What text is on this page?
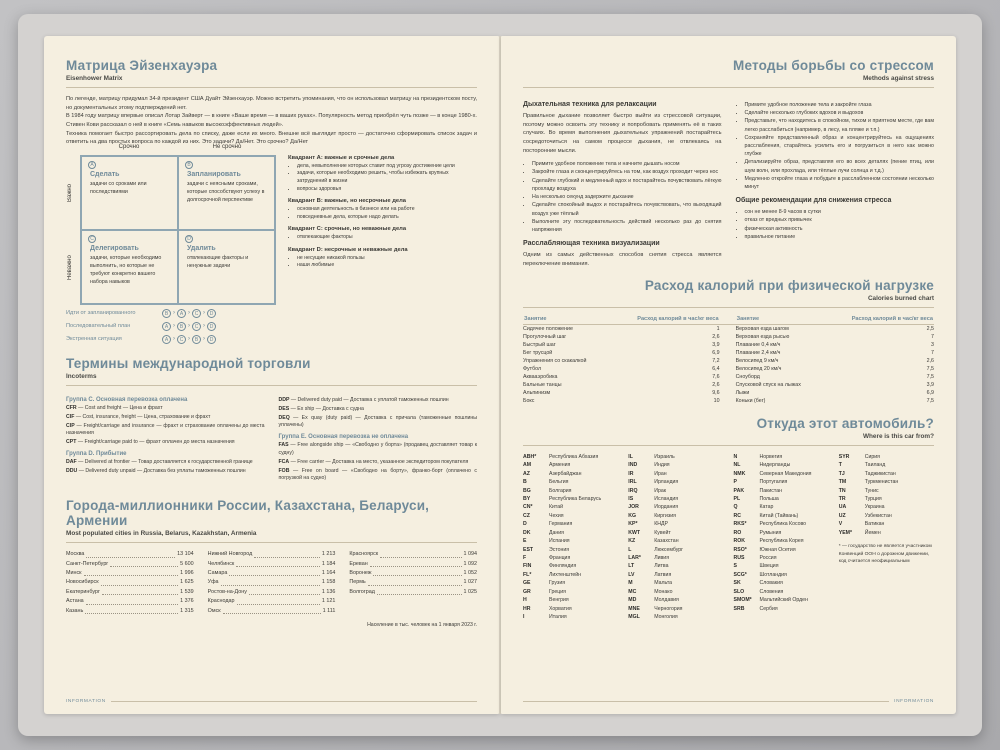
Матрица Эйзенхауэра
Eisenhower Matrix
По легенде, матрицу придумал 34-й президент США Дуайт Эйзенхауэр. Можно встретить упоминания, что он использовал матрицу на президентском посту, но документальных этому подтверждений нет.
В 1984 году матрицу впервые описал Лотар Зайверт — в книге «Ваше время — в ваших руках». Популярность метод приобрёл чуть позже — в конце 1980-х. Стивен Кови рассказал о ней в книге «Семь навыков высокоэффективных людей».
Техника помогает быстро рассортировать дела по списку, даже если их много. Внешне всё выглядит просто — достаточно сформировать список задач и ответить на два простых вопроса по каждой из них. Это задачи? Да/Нет. Это срочно? Да/Нет
Срочно	Не срочно
Важно
Неважно
A
Сделать
задачи со сроками или последствиями
B
Запланировать
задачи с неясными сроками, которые способствуют успеху в долгосрочной перспективе
C
Делегировать
задачи, которые необходимо выполнить, но которые не требуют конкретно вашего набора навыков
D
Удалить
отвлекающие факторы и ненужные задачи
Квадрант A: важные и срочные дела
• дела, невыполнение которых ставит под угрозу достижение цели
• задачи, которые необходимо решить, чтобы избежать крупных затруднений в жизни
• вопросы здоровья
Квадрант B: важные, но несрочные дела
• основная деятельность в бизнесе или на работе
• повседневные дела, которые надо делать
Квадрант C: срочные, но неважные дела
• отвлекающие факторы
Квадрант D: несрочные и неважные дела
• не несущие никакой пользы
• наши любимые
Идти от запланированного	B › A › C › D
Последовательный план	A › B › C › D
Экстренная ситуация	A › C › B › D
Термины международной торговли
Incoterms
Группа C. Основная перевозка оплачена
CFR — Cost and freight — Цена и фрахт
CIF — Cost, insurance, freight — Цена, страхование и фрахт
CIP — Freight/carriage and insurance — фрахт и страхование оплачены до места назначения
CPT — Freight/carriage paid to — фрахт оплачен до места назначения
Группа D. Прибытие
DAF — Delivered at frontier — Товар доставляется к государственной границе
DDU — Delivered duty unpaid — Доставка без уплаты таможенных пошлин
DDP — Delivered duty paid — Доставка с уплатой таможенных пошлин
DES — Ex ship — Доставка с судна
DEQ — Ex quay (duty paid) — Доставка с причала (таможенные пошлины уплачены)
Группа E. Основная перевозка не оплачена
FAS — Free alongside ship — «Свободно у борта» (продавец доставляет товар к судну)
FCA — Free carrier — Доставка на место, указанное экспедитором покупателя
FOB — Free on board — «Свободно на борту», франко-борт (оплачено с погрузкой на судно)
Города-миллионники России, Казахстана, Беларуси, Армении
Most populated cities in Russia, Belarus, Kazakhstan, Armenia
Москва	13 104
Санкт-Петербург	5 600
Минск	1 996
Новосибирск	1 625
Екатеринбург	1 539
Астана	1 376
Казань	1 315
Нижний Новгород	1 213
Челябинск	1 184
Самара	1 164
Уфа	1 158
Ростов-на-Дону	1 136
Краснодар	1 121
Омск	1 111
Красноярск	1 094
Ереван	1 092
Воронеж	1 052
Пермь	1 027
Волгоград	1 025
Население в тыс. человек на 1 января 2023 г.
INFORMATION
Методы борьбы со стрессом
Methods against stress
Дыхательная техника для релаксации
Правильное дыхание позволяет быстро выйти из стрессовой ситуации, поэтому можно освоить эту технику и попробовать применять её в таких случаях. Во время выполнения дыхательных упражнений постарайтесь сосредоточиться на самом процессе дыхания, не отвлекаясь на посторонние мысли.
• Примите удобное положение тела и начните дышать носом
• Закройте глаза и сконцентрируйтесь на том, как воздух проходит через нос
• Сделайте глубокий и медленный вдох и постарайтесь почувствовать лёгкую прохладу воздуха
• На несколько секунд задержите дыхание
• Сделайте спокойный выдох и постарайтесь почувствовать, что выходящий воздух уже тёплый
• Выполните эту последовательность действий несколько раз до снятия напряжения
Расслабляющая техника визуализации
Одним из самых действенных способов снятия стресса является переключение внимания.
• Примите удобное положение тела и закройте глаза
• Сделайте несколько глубоких вдохов и выдохов
• Представьте, что находитесь в спокойном, тихом и приятном месте, где вам легко расслабиться (например, в лесу, на пляже и т.п.)
• Сохраняйте представленный образ и концентрируйтесь на ощущениях расслабления, старайтесь усилить его и погрузиться в него как можно глубже
• Детализируйте образ, представляя его во всех деталях (пение птиц, или шум волн, или прохлада, или тёплые лучи солнца и т.д.)
• Медленно откройте глаза и побудьте в расслабленном состоянии несколько минут
Общие рекомендации для снижения стресса
• сон не менее 8-9 часов в сутки
• отказ от вредных привычек
• физическая активность
• правильное питание
Расход калорий при физической нагрузке
Calories burned chart
Занятие	Расход калорий в час/кг веса		Занятие	Расход калорий в час/кг веса
Сидячее положение		1		Верховая езда шагом		2,5
Прогулочный шаг		2,6		Верховая езда рысью		7
Быстрый шаг		3,9		Плавание 0,4 км/ч		3
Бег трусцой		6,9		Плавание 2,4 км/ч		7
Упражнения со скакалкой		7,2		Велосипед 9 км/ч		2,6
Футбол		6,4		Велосипед 20 км/ч		7,5
Аквааэробика		7,6		Сноуборд		7,5
Бальные танцы		2,6		Спусковой спуск на лыжах		3,9
Альпинизм		9,6		Лыжи		6,9
Бокс		10		Коньки (бег)		7,5
Откуда этот автомобиль?
Where is this car from?
ABH*	Республика Абхазия
AM	Армения
AZ	Азербайджан
B	Бельгия
BG	Болгария
BY	Республика Беларусь
CN*	Китай
CZ	Чехия
D	Германия
DK	Дания
E	Испания
EST	Эстония
F	Франция
FIN	Финляндия
FL*	Лихтенштейн
GE	Грузия
GR	Греция
H	Венгрия
HR	Хорватия
I	Италия
IL	Израиль
IND	Индия
IR	Иран
IRL	Ирландия
IRQ	Ирак
IS	Исландия
JOR	Иордания
KG	Киргизия
KP*	КНДР
KWT	Кувейт
KZ	Казахстан
L	Люксембург
LAR*	Ливия
LT	Литва
LV	Латвия
M	Мальта
MC	Монако
MD	Молдавия
MNE	Черногория
MGL	Монголия
N	Норвегия
NL	Нидерланды
NMK	Северная Македония
P	Португалия
PAK	Пакистан
PL	Польша
Q	Катар
RC	Китай (Тайвань)
RKS*	Республика Косово
RO	Румыния
ROK	Республика Корея
RSO*	Южная Осетия
RUS	Россия
S	Швеция
SCG*	Шотландия
SK	Словакия
SLO	Словения
SMOM*	Мальтийский Орден
SRB	Сербия
SYR	Сирия
T	Таиланд
TJ	Таджикистан
TM	Туркменистан
TN	Тунис
TR	Турция
UA	Украина
UZ	Узбекистан
V	Ватикан
YEM*	Йемен
* — государство не является участником Конвенций ООН о дорожном движении, код считается неофициальным
INFORMATION
